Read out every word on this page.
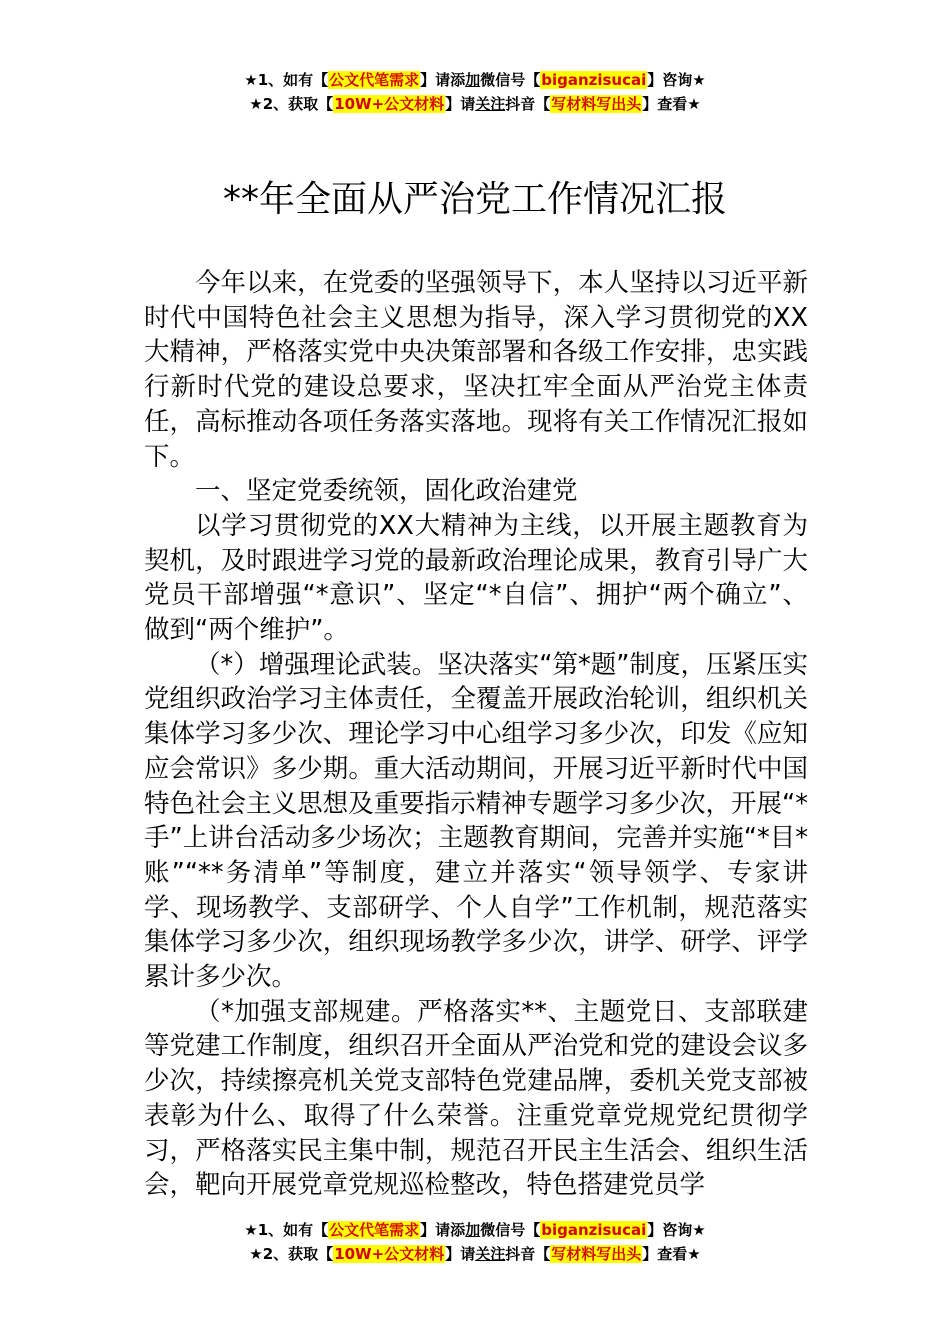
★1、如有【公文代笔需求】请添加微信号【biganzisucai】咨询★
★2、获取【10W+公文材料】请关注抖音【写材料写出头】查看★
**年全面从严治党工作情况汇报

今年以来，在党委的坚强领导下，本人坚持以习近平新时代中国特色社会主义思想为指导，深入学习贯彻党的XX大精神，严格落实党中央决策部署和各级工作安排，忠实践行新时代党的建设总要求，坚决扛牢全面从严治党主体责任，高标推动各项任务落实落地。现将有关工作情况汇报如下。

一、坚定党委统领，固化政治建党

以学习贯彻党的XX大精神为主线，以开展主题教育为契机，及时跟进学习党的最新政治理论成果，教育引导广大党员干部增强“*意识”、坚定“*自信”、拥护“两个确立”、做到“两个维护”。

（*）增强理论武装。坚决落实“第*题”制度，压紧压实党组织政治学习主体责任，全覆盖开展政治轮训，组织机关集体学习多少次、理论学习中心组学习多少次，印发《应知应会常识》多少期。重大活动期间，开展习近平新时代中国特色社会主义思想及重要指示精神专题学习多少次，开展“*手”上讲台活动多少场次；主题教育期间，完善并实施“*目*账”“**务清单”等制度，建立并落实“领导领学、专家讲学、现场教学、支部研学、个人自学”工作机制，规范落实集体学习多少次，组织现场教学多少次，讲学、研学、评学累计多少次。

（*加强支部规建。严格落实**、主题党日、支部联建等党建工作制度，组织召开全面从严治党和党的建设会议多少次，持续擦亮机关党支部特色党建品牌，委机关党支部被表彰为什么、取得了什么荣誉。注重党章党规党纪贯彻学习，严格落实民主集中制，规范召开民主生活会、组织生活会，靶向开展党章党规巡检整改，特色搭建党员学

★1、如有【公文代笔需求】请添加微信号【biganzisucai】咨询★
★2、获取【10W+公文材料】请关注抖音【写材料写出头】查看★
